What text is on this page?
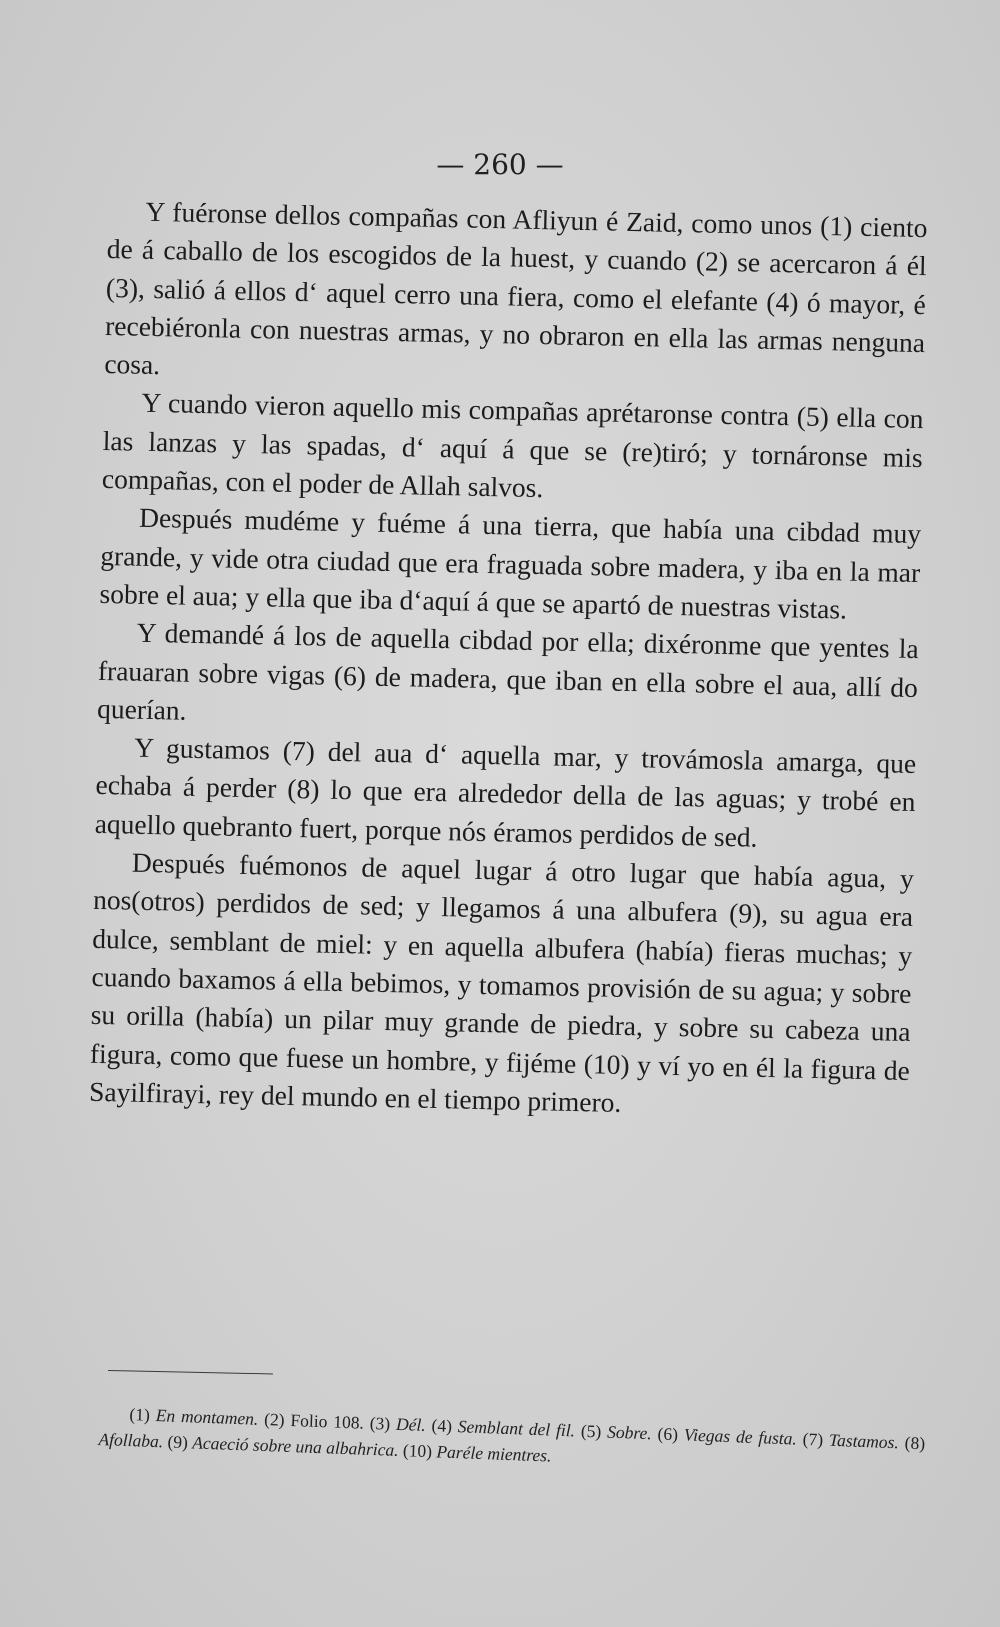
— 260 —

Y fuéronse dellos compañas con Afliyun é Zaid, como unos (1) ciento de á caballo de los escogidos de la huest, y cuando (2) se acercaron á él (3), salió á ellos d‘ aquel cerro una fiera, como el elefante (4) ó mayor, é recebiéronla con nuestras armas, y no obraron en ella las armas nenguna cosa.

Y cuando vieron aquello mis compañas aprétaronse contra (5) ella con las lanzas y las spadas, d‘ aquí á que se (re)tiró; y tornáronse mis compañas, con el poder de Allah salvos.

Después mudéme y fuéme á una tierra, que había una cibdad muy grande, y vide otra ciudad que era fraguada sobre madera, y iba en la mar sobre el aua; y ella que iba d‘aquí á que se apartó de nuestras vistas.

Y demandé á los de aquella cibdad por ella; dixéronme que yentes la frauaran sobre vigas (6) de madera, que iban en ella sobre el aua, allí do querían.

Y gustamos (7) del aua d‘ aquella mar, y trovámosla amarga, que echaba á perder (8) lo que era alrededor della de las aguas; y trobé en aquello quebranto fuert, porque nós éramos perdidos de sed.

Después fuémonos de aquel lugar á otro lugar que había agua, y nos(otros) perdidos de sed; y llegamos á una albufera (9), su agua era dulce, semblant de miel: y en aquella albufera (había) fieras muchas; y cuando baxamos á ella bebimos, y tomamos provisión de su agua; y sobre su orilla (había) un pilar muy grande de piedra, y sobre su cabeza una figura, como que fuese un hombre, y fijéme (10) y ví yo en él la figura de Sayilfirayi, rey del mundo en el tiempo primero.

(1) En montamen. (2) Folio 108. (3) Dél. (4) Semblant del fil. (5) Sobre. (6) Viegas de fusta. (7) Tastamos. (8) Afollaba. (9) Acaeció sobre una albahrica. (10) Paréle mientres.
